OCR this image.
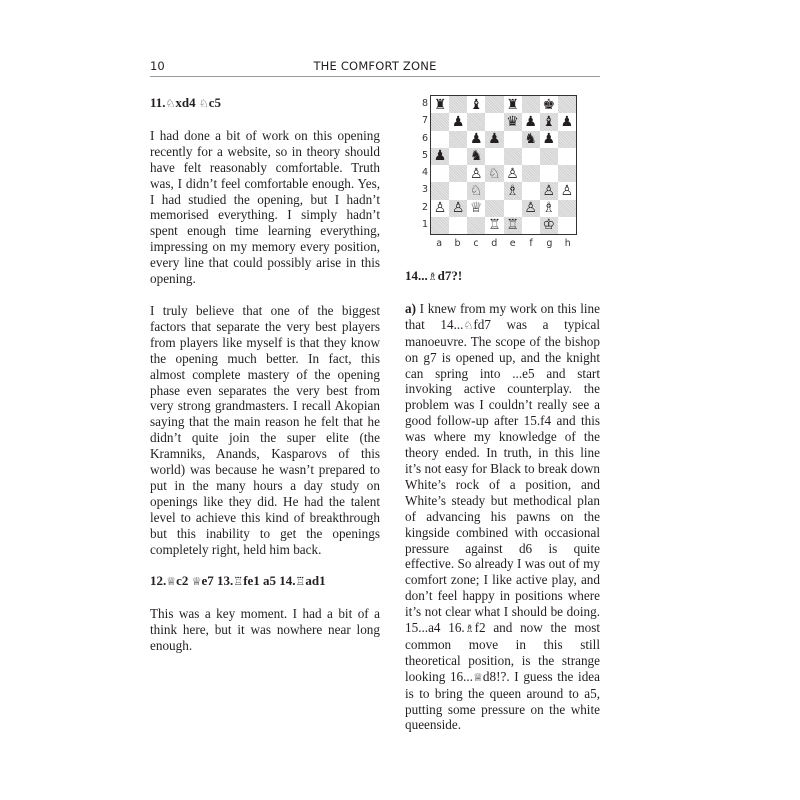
10	THE COMFORT ZONE
11.♘xd4 ♘c5

I had done a bit of work on this opening recently for a website, so in theory should have felt reasonably comfortable. Truth was, I didn’t feel comfortable enough. Yes, I had studied the opening, but I hadn’t memorised everything. I simply hadn’t spent enough time learning everything, impressing on my memory every position, every line that could possibly arise in this opening.

I truly believe that one of the biggest factors that separate the very best players from players like myself is that they know the opening much better. In fact, this almost complete mastery of the opening phase even separates the very best from very strong grandmasters. I recall Akopian saying that the main reason he felt that he didn’t quite join the super elite (the Kramniks, Anands, Kasparovs of this world) was because he wasn’t prepared to put in the many hours a day study on openings like they did. He had the talent level to achieve this kind of breakthrough but this inability to get the openings completely right, held him back.

12.♕c2 ♕e7 13.♖fe1 a5 14.♖ad1

This was a key moment. I had a bit of a think here, but it was nowhere near long enough.

8
7
6
5
4
3
2
1
♜ ♝ ♜ ♚
♟	♛ ♟ ♝ ♟
♟ ♟ ♞ ♟
♟ ♞
♙ ♘ ♙
♘ ♗ ♙ ♙
♙ ♙ ♕	♙ ♗
♖ ♖ ♔
a	b	c	d	e	f	g	h
14...♗d7?!

a) I knew from my work on this line that 14...♘fd7 was a typical manoeuvre. The scope of the bishop on g7 is opened up, and the knight can spring into ...e5 and start invoking active counterplay. the problem was I couldn’t really see a good follow-up after 15.f4 and this was where my knowledge of the theory ended. In truth, in this line it’s not easy for Black to break down White’s rock of a position, and White’s steady but methodical plan of advancing his pawns on the kingside combined with occasional pressure against d6 is quite effective. So already I was out of my comfort zone; I like active play, and don’t feel happy in positions where it’s not clear what I should be doing. 15...a4 16.♗f2 and now the most common move in this still theoretical position, is the strange looking 16...♕d8!?. I guess the idea is to bring the queen around to a5, putting some pressure on the white queenside.
